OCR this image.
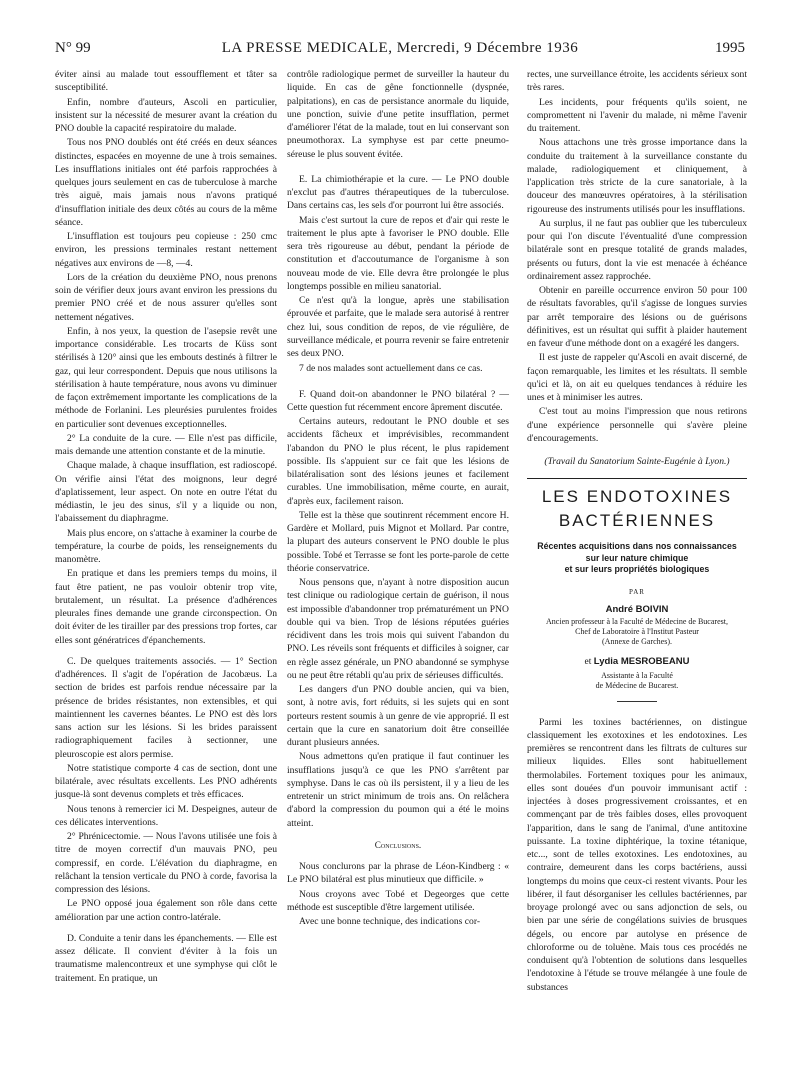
N° 99	LA PRESSE MEDICALE, Mercredi, 9 Décembre 1936	1995

éviter ainsi au malade tout essoufflement et tâter sa susceptibilité.

Enfin, nombre d'auteurs, Ascoli en particulier, insistent sur la nécessité de mesurer avant la création du PNO double la capacité respiratoire du malade.

Tous nos PNO doublés ont été créés en deux séances distinctes, espacées en moyenne de une à trois semaines. Les insufflations initiales ont été parfois rapprochées à quelques jours seulement en cas de tuberculose à marche très aiguë, mais jamais nous n'avons pratiqué d'insufflation initiale des deux côtés au cours de la même séance.

L'insufflation est toujours peu copieuse : 250 cmc environ, les pressions terminales restant nettement négatives aux environs de —8, —4.

Lors de la création du deuxième PNO, nous prenons soin de vérifier deux jours avant environ les pressions du premier PNO créé et de nous assurer qu'elles sont nettement négatives.

Enfin, à nos yeux, la question de l'asepsie revêt une importance considérable. Les trocarts de Küss sont stérilisés à 120° ainsi que les embouts destinés à filtrer le gaz, qui leur correspondent. Depuis que nous utilisons la stérilisation à haute température, nous avons vu diminuer de façon extrêmement importante les complications de la méthode de Forlanini. Les pleurésies purulentes froides en particulier sont devenues exceptionnelles.

2° La conduite de la cure. — Elle n'est pas difficile, mais demande une attention constante et de la minutie.

Chaque malade, à chaque insufflation, est radioscopé. On vérifie ainsi l'état des moignons, leur degré d'aplatissement, leur aspect. On note en outre l'état du médiastin, le jeu des sinus, s'il y a liquide ou non, l'abaissement du diaphragme.

Mais plus encore, on s'attache à examiner la courbe de température, la courbe de poids, les renseignements du manomètre.

En pratique et dans les premiers temps du moins, il faut être patient, ne pas vouloir obtenir trop vite, brutalement, un résultat. La présence d'adhérences pleurales fines demande une grande circonspection. On doit éviter de les tirailler par des pressions trop fortes, car elles sont génératrices d'épanchements.

C. De quelques traitements associés. — 1° Section d'adhérences. Il s'agit de l'opération de Jacobæus. La section de brides est parfois rendue nécessaire par la présence de brides résistantes, non extensibles, et qui maintiennent les cavernes béantes. Le PNO est dès lors sans action sur les lésions. Si les brides paraissent radiographiquement faciles à sectionner, une pleuroscopie est alors permise.

Notre statistique comporte 4 cas de section, dont une bilatérale, avec résultats excellents. Les PNO adhérents jusque-là sont devenus complets et très efficaces.

Nous tenons à remercier ici M. Despeignes, auteur de ces délicates interventions.

2° Phrénicectomie. — Nous l'avons utilisée une fois à titre de moyen correctif d'un mauvais PNO, peu compressif, en corde. L'élévation du diaphragme, en relâchant la tension verticale du PNO à corde, favorisa la compression des lésions.

Le PNO opposé joua également son rôle dans cette amélioration par une action contro-latérale.

D. Conduite a tenir dans les épanchements. — Elle est assez délicate. Il convient d'éviter à la fois un traumatisme malencontreux et une symphyse qui clôt le traitement. En pratique, un

contrôle radiologique permet de surveiller la hauteur du liquide. En cas de gêne fonctionnelle (dyspnée, palpitations), en cas de persistance anormale du liquide, une ponction, suivie d'une petite insufflation, permet d'améliorer l'état de la malade, tout en lui conservant son pneumothorax. La symphyse est par cette pneumo-séreuse le plus souvent évitée.

E. La chimiothérapie et la cure. — Le PNO double n'exclut pas d'autres thérapeutiques de la tuberculose. Dans certains cas, les sels d'or pourront lui être associés.

Mais c'est surtout la cure de repos et d'air qui reste le traitement le plus apte à favoriser le PNO double. Elle sera très rigoureuse au début, pendant la période de constitution et d'accoutumance de l'organisme à son nouveau mode de vie. Elle devra être prolongée le plus longtemps possible en milieu sanatorial.

Ce n'est qu'à la longue, après une stabilisation éprouvée et parfaite, que le malade sera autorisé à rentrer chez lui, sous condition de repos, de vie régulière, de surveillance médicale, et pourra revenir se faire entretenir ses deux PNO.

7 de nos malades sont actuellement dans ce cas.

F. Quand doit-on abandonner le PNO bilatéral ? — Cette question fut récemment encore âprement discutée.

Certains auteurs, redoutant le PNO double et ses accidents fâcheux et imprévisibles, recommandent l'abandon du PNO le plus récent, le plus rapidement possible. Ils s'appuient sur ce fait que les lésions de bilatéralisation sont des lésions jeunes et facilement curables. Une immobilisation, même courte, en aurait, d'après eux, facilement raison.

Telle est la thèse que soutinrent récemment encore H. Gardère et Mollard, puis Mignot et Mollard. Par contre, la plupart des auteurs conservent le PNO double le plus possible. Tobé et Terrasse se font les porte-parole de cette théorie conservatrice.

Nous pensons que, n'ayant à notre disposition aucun test clinique ou radiologique certain de guérison, il nous est impossible d'abandonner trop prématurément un PNO double qui va bien. Trop de lésions réputées guéries récidivent dans les trois mois qui suivent l'abandon du PNO. Les réveils sont fréquents et difficiles à soigner, car en règle assez générale, un PNO abandonné se symphyse ou ne peut être rétabli qu'au prix de sérieuses difficultés.

Les dangers d'un PNO double ancien, qui va bien, sont, à notre avis, fort réduits, si les sujets qui en sont porteurs restent soumis à un genre de vie approprié. Il est certain que la cure en sanatorium doit être conseillée durant plusieurs années.

Nous admettons qu'en pratique il faut continuer les insufflations jusqu'à ce que les PNO s'arrêtent par symphyse. Dans le cas où ils persistent, il y a lieu de les entretenir un strict minimum de trois ans. On relâchera d'abord la compression du poumon qui a été le moins atteint.

Conclusions.

Nous conclurons par la phrase de Léon-Kindberg : « Le PNO bilatéral est plus minutieux que difficile. »

Nous croyons avec Tobé et Degeorges que cette méthode est susceptible d'être largement utilisée.

Avec une bonne technique, des indications cor-

rectes, une surveillance étroite, les accidents sérieux sont très rares.

Les incidents, pour fréquents qu'ils soient, ne compromettent ni l'avenir du malade, ni même l'avenir du traitement.

Nous attachons une très grosse importance dans la conduite du traitement à la surveillance constante du malade, radiologiquement et cliniquement, à l'application très stricte de la cure sanatoriale, à la douceur des manœuvres opératoires, à la stérilisation rigoureuse des instruments utilisés pour les insufflations.

Au surplus, il ne faut pas oublier que les tuberculeux pour qui l'on discute l'éventualité d'une compression bilatérale sont en presque totalité de grands malades, présents ou futurs, dont la vie est menacée à échéance ordinairement assez rapprochée.

Obtenir en pareille occurrence environ 50 pour 100 de résultats favorables, qu'il s'agisse de longues survies par arrêt temporaire des lésions ou de guérisons définitives, est un résultat qui suffit à plaider hautement en faveur d'une méthode dont on a exagéré les dangers.

Il est juste de rappeler qu'Ascoli en avait discerné, de façon remarquable, les limites et les résultats. Il semble qu'ici et là, on ait eu quelques tendances à réduire les unes et à minimiser les autres.

C'est tout au moins l'impression que nous retirons d'une expérience personnelle qui s'avère pleine d'encouragements.

(Travail du Sanatorium Sainte-Eugénie à Lyon.)
LES ENDOTOXINES
BACTÉRIENNES
Récentes acquisitions dans nos connaissances
sur leur nature chimique
et sur leurs propriétés biologiques
PAR
André BOIVIN
Ancien professeur à la Faculté de Médecine de Bucarest,
Chef de Laboratoire à l'Institut Pasteur
(Annexe de Garches).
et Lydia MESROBEANU
Assistante à la Faculté
de Médecine de Bucarest.

Parmi les toxines bactériennes, on distingue classiquement les exotoxines et les endotoxines. Les premières se rencontrent dans les filtrats de cultures sur milieux liquides. Elles sont habituellement thermolabiles. Fortement toxiques pour les animaux, elles sont douées d'un pouvoir immunisant actif : injectées à doses progressivement croissantes, et en commençant par de très faibles doses, elles provoquent l'apparition, dans le sang de l'animal, d'une antitoxine puissante. La toxine diphtérique, la toxine tétanique, etc..., sont de telles exotoxines. Les endotoxines, au contraire, demeurent dans les corps bactériens, aussi longtemps du moins que ceux-ci restent vivants. Pour les libérer, il faut désorganiser les cellules bactériennes, par broyage prolongé avec ou sans adjonction de sels, ou bien par une série de congélations suivies de brusques dégels, ou encore par autolyse en présence de chloroforme ou de toluène. Mais tous ces procédés ne conduisent qu'à l'obtention de solutions dans lesquelles l'endotoxine à l'étude se trouve mélangée à une foule de substances
